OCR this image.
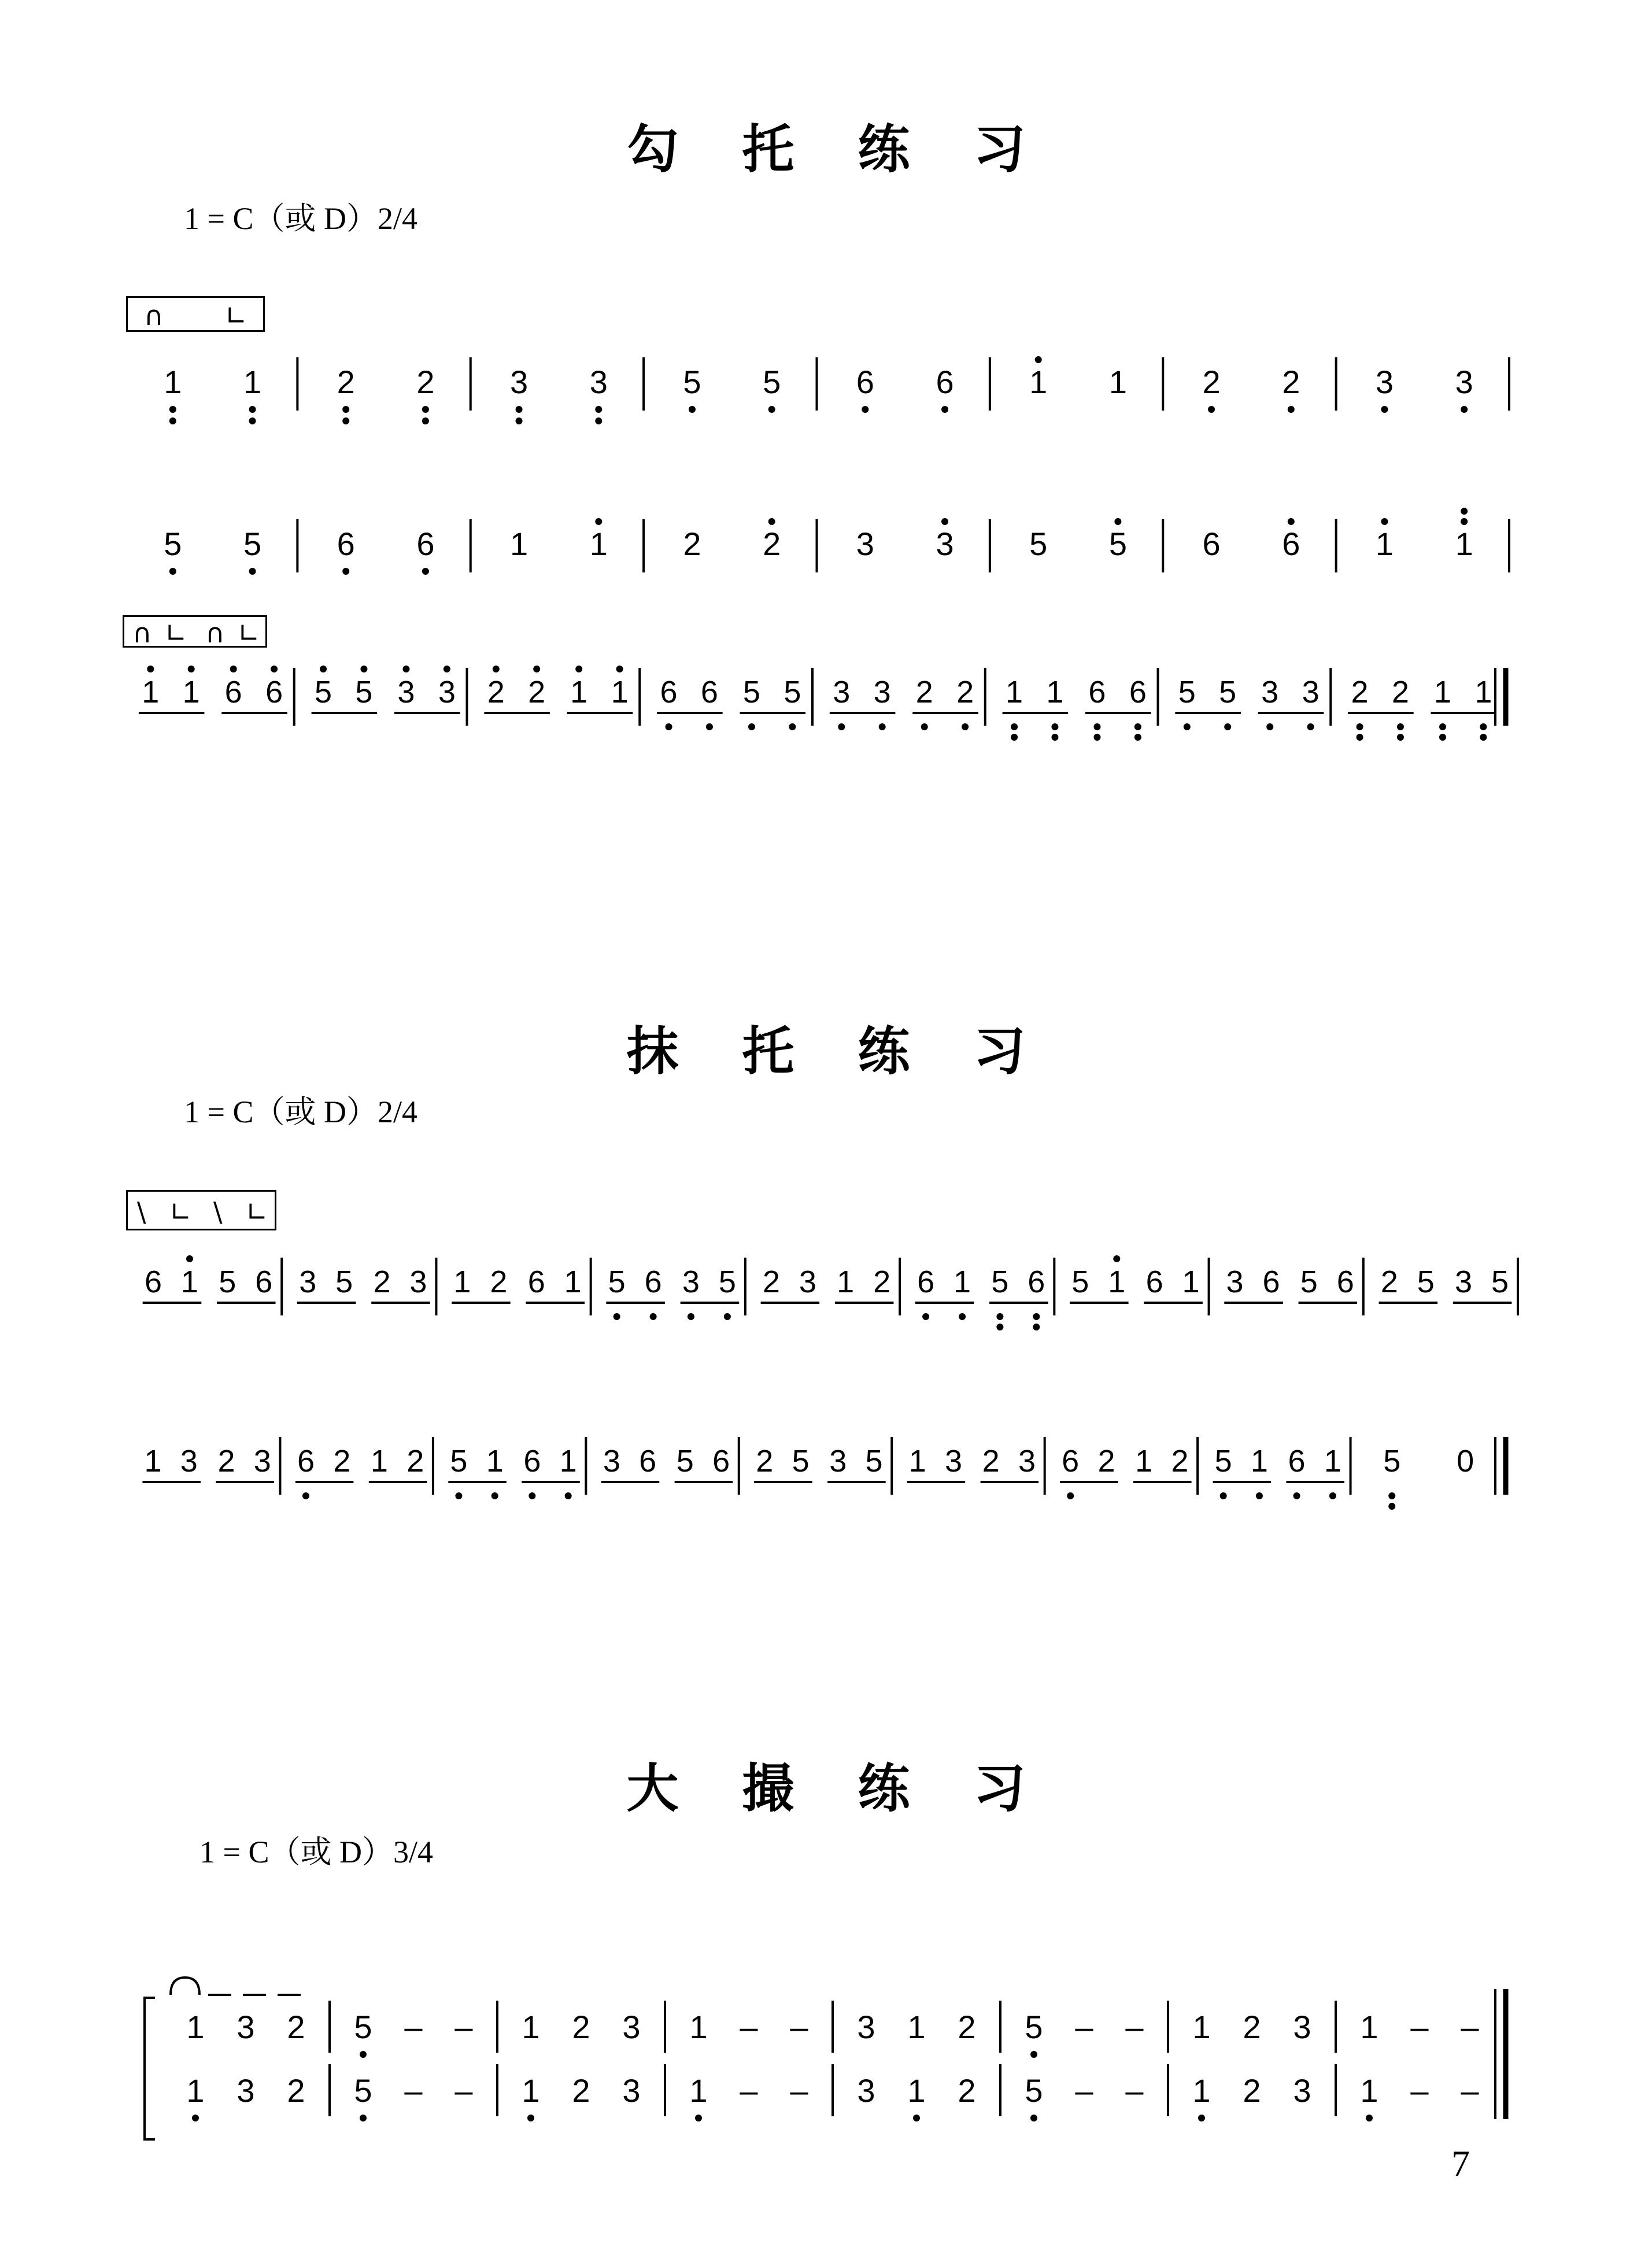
勾 托 练 习
1 = C（或 D）2/4
∩ ∟
∩ ∟ ∩ ∟
抹 托 练 习
1 = C（或 D）2/4
\ ∟ \ ∟
大 撮 练 习
1 = C（或 D）3/4
7
1 1 2 2 3 3 5 5 6 6 1 1 2 2 3 3
5 5 6 6 1 1 2 2 3 3 5 5 6 6 1 1
1 1 6 6 5 5 3 3 2 2 1 1 6 6 5 5 3 3 2 2 1 1 6 6 5 5 3 3 2 2 1 1
6 1 5 6 3 5 2 3 1 2 6 1 5 6 3 5 2 3 1 2 6 1 5 6 5 1 6 1 3 6 5 6 2 5 3 5
1 3 2 3 6 2 1 2 5 1 6 1 3 6 5 6 2 5 3 5 1 3 2 3 6 2 1 2 5 1 6 1 5 0
1
1
3
3
2
2
5
5
–
–
–
–
1
1
2
2
3
3
1
1
–
–
–
–
3
3
1
1
2
2
5
5
–
–
–
–
1
1
2
2
3
3
1
1
–
–
–
–
